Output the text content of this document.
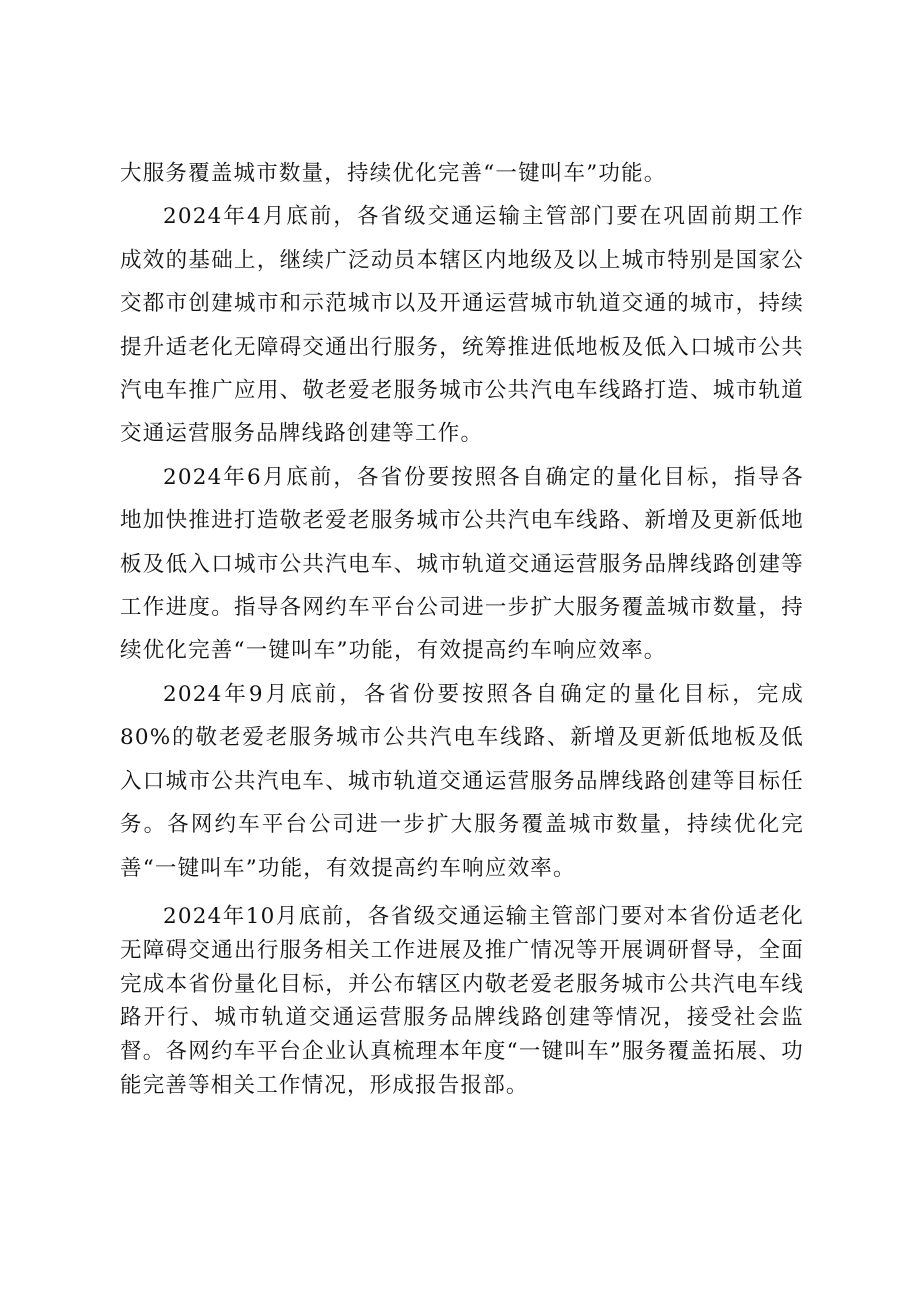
大服务覆盖城市数量，持续优化完善“一键叫车”功能。

2024年4月底前，各省级交通运输主管部门要在巩固前期工作成效的基础上，继续广泛动员本辖区内地级及以上城市特别是国家公交都市创建城市和示范城市以及开通运营城市轨道交通的城市，持续提升适老化无障碍交通出行服务，统筹推进低地板及低入口城市公共汽电车推广应用、敬老爱老服务城市公共汽电车线路打造、城市轨道交通运营服务品牌线路创建等工作。

2024年6月底前，各省份要按照各自确定的量化目标，指导各地加快推进打造敬老爱老服务城市公共汽电车线路、新增及更新低地板及低入口城市公共汽电车、城市轨道交通运营服务品牌线路创建等工作进度。指导各网约车平台公司进一步扩大服务覆盖城市数量，持续优化完善“一键叫车”功能，有效提高约车响应效率。

2024年9月底前，各省份要按照各自确定的量化目标，完成80%的敬老爱老服务城市公共汽电车线路、新增及更新低地板及低入口城市公共汽电车、城市轨道交通运营服务品牌线路创建等目标任务。各网约车平台公司进一步扩大服务覆盖城市数量，持续优化完善“一键叫车”功能，有效提高约车响应效率。

2024年10月底前，各省级交通运输主管部门要对本省份适老化无障碍交通出行服务相关工作进展及推广情况等开展调研督导，全面完成本省份量化目标，并公布辖区内敬老爱老服务城市公共汽电车线路开行、城市轨道交通运营服务品牌线路创建等情况，接受社会监督。各网约车平台企业认真梳理本年度“一键叫车”服务覆盖拓展、功能完善等相关工作情况，形成报告报部。
